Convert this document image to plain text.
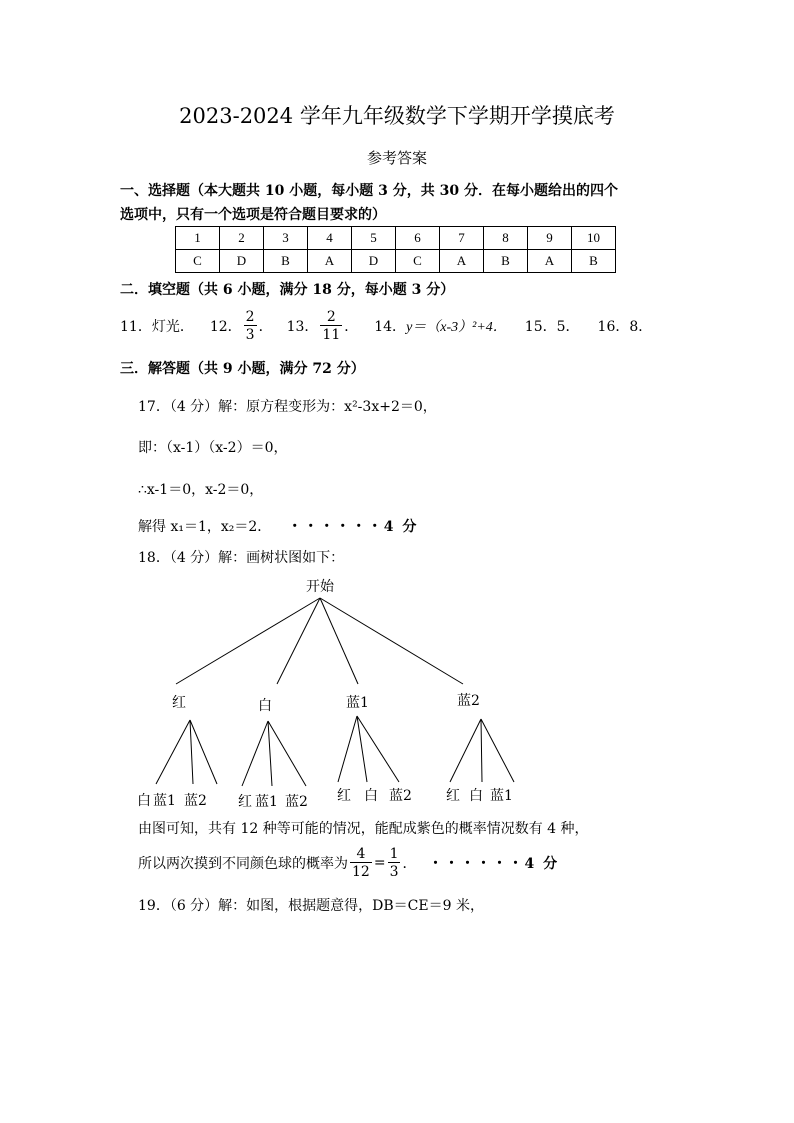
2023-2024 学年九年级数学下学期开学摸底考
参考答案
一、选择题（本大题共 10 小题，每小题 3 分，共 30 分．在每小题给出的四个
选项中，只有一个选项是符合题目要求的）
1	2	3	4	5	6	7	8	9	10
C	D	B	A	D	C	A	B	A	B
二．填空题（共 6 小题，满分 18 分，每小题 3 分）
11．灯光． 12． $\frac{2}{3}$ ． 13． $\frac{2}{11}$ ． 14． y＝（x-3）²+4． 15．5． 16．8．
三．解答题（共 9 小题，满分 72 分）
17．（4 分）解：原方程变形为：x²-3x+2＝0，
即：（x-1）（x-2）＝0，
∴x-1＝0，x-2＝0，
解得 x₁＝1，x₂＝2． ・・・・・・4 分
18．（4 分）解：画树状图如下：
开始
红	白	蓝1	蓝2
白 蓝1 蓝2 红 蓝1 蓝2 红 白 蓝2 红 白 蓝1
由图可知，共有 12 种等可能的情况，能配成紫色的概率情况数有 4 种，
所以两次摸到不同颜色球的概率为 $\frac{4}{12} = \frac{1}{3}$ ． ・・・・・・4 分
19．（6 分）解：如图，根据题意得，DB＝CE＝9 米，
